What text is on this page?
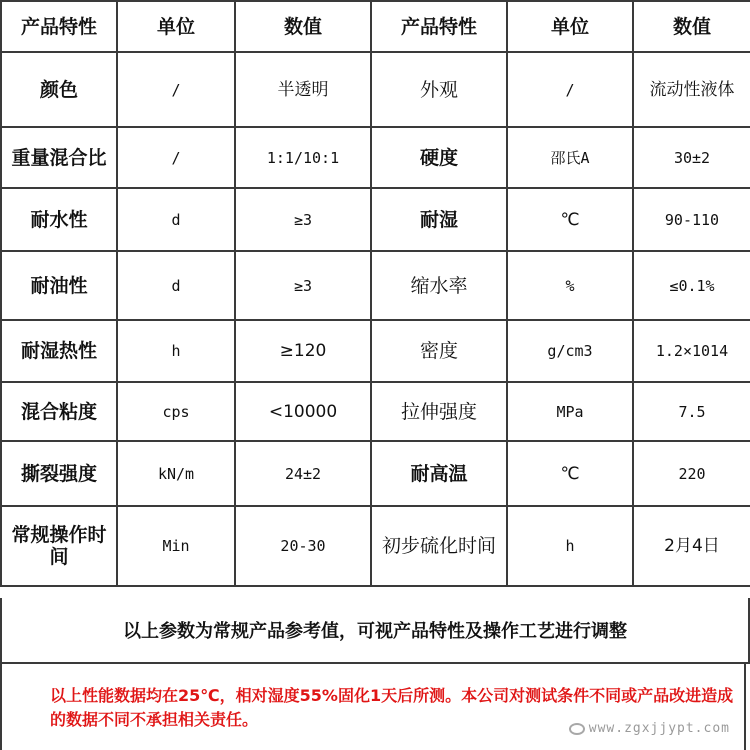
产品特性	单位	数值	产品特性	单位	数值
颜色	/	半透明	外观	/	流动性液体
重量混合比	/	1:1/10:1	硬度	邵氏A	30±2
耐水性	d	≥3	耐湿	℃	90-110
耐油性	d	≥3	缩水率	%	≤0.1%
耐湿热性	h	≥120	密度	g/cm3	1.2×1014
混合粘度	cps	<10000	拉伸强度	MPa	7.5
撕裂强度	kN/m	24±2	耐高温	℃	220
常规操作时间	Min	20-30	初步硫化时间	h	2月4日
以上参数为常规产品参考值，可视产品特性及操作工艺进行调整

以上性能数据均在25℃，相对湿度55%固化1天后所测。本公司对测试条件不同或产品改进造成的数据不同不承担相关责任。	www.zgxjjypt.com
